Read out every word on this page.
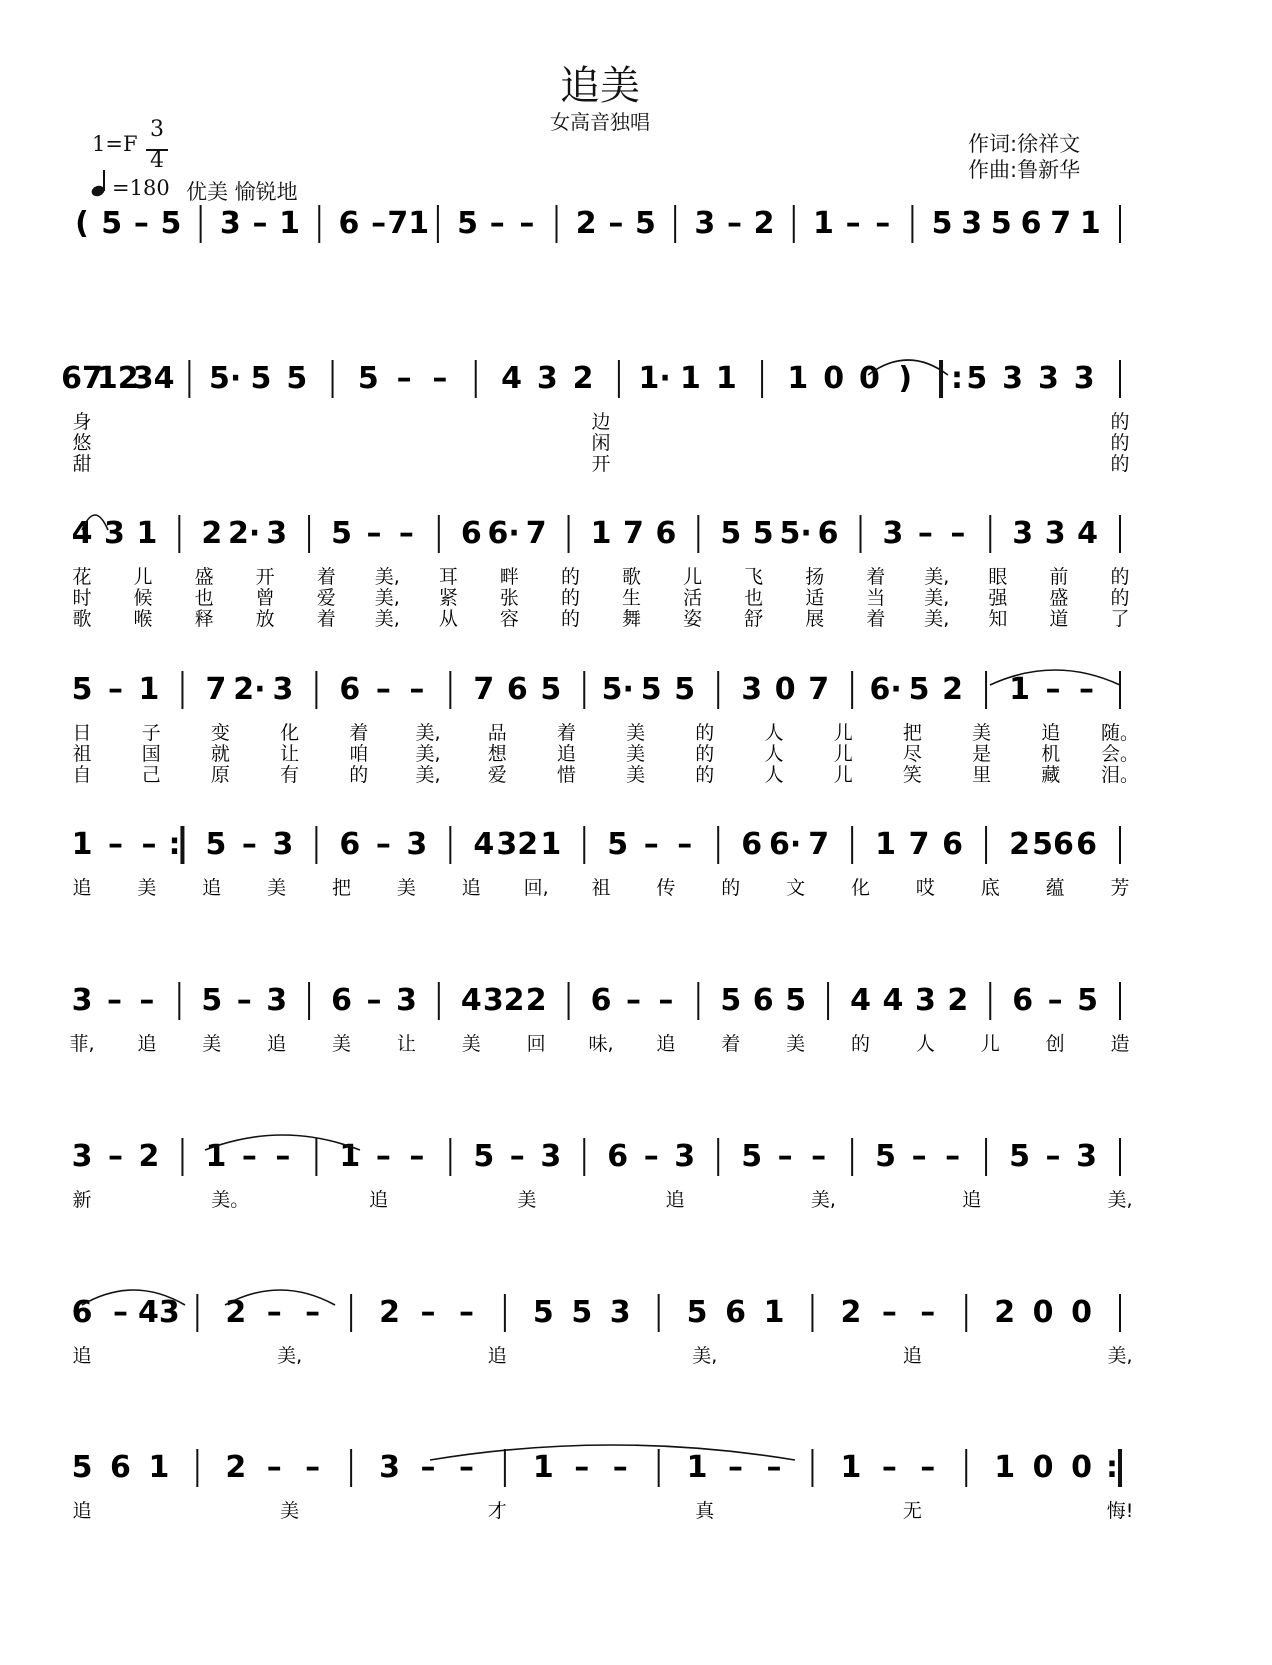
追美
女高音独唱
作词:徐祥文
作曲:鲁新华
1=F
3
4
=180 优美 愉锐地
( 5 – 5 3 – 1 6 – 71 5 – – 2 – 5 3 – 2 1 – – 5 3 5 6 7 1
67
12
34 5· 5 5 5 – – 4 3 2 1· 1 1 1 0 0 ) : 5 3 3 3
身	边	的
悠	闲	的
甜	开	的
4 3 1 2 2· 3 5 – – 6 6· 7 1 7 6 5 5 5· 6 3 – – 3 3 4
花 儿 盛 开 着 美, 耳 畔 的 歌 儿 飞 扬 着 美, 眼 前 的
时 候 也 曾 爱 美, 紧 张 的 生 活 也 适 当 美, 强 盛 的
歌 喉 释 放 着 美, 从 容 的 舞 姿 舒 展 着 美, 知 道 了
5 – 1 7 2· 3 6 – – 7 6 5 5· 5 5 3 0 7 6· 5 2 1 – –
日	子	变	化	着 美, 品	着	美	的	人	儿	把	美	追 随。
祖	国	就	让	咱 美, 想	追	美	的	人	儿	尽	是	机 会。
自	己	原	有	的 美, 爱	惜	美	的	人	儿	笑	里	藏 泪。
1 – – : 5 – 3 6 – 3 4 32 1 5 – – 6 6· 7 1 7 6 2 56 6
追 美 追 美 把 美 追 回, 祖 传 的 文 化 哎 底 蕴 芳
3 – – 5 – 3 6 – 3 4 32 2 6 – – 5 6 5 4 4 3 2 6 – 5
菲, 追 美 追 美 让 美 回 味, 追 着 美 的 人 儿 创 造
3 – 2 1 – – 1 – – 5 – 3 6 – 3 5 – – 5 – – 5 – 3
新	美。	追	美	追	美,	追	美,
6 – 43 2 – – 2 – – 5 5 3 5 6 1 2 – – 2 0 0
追	美,	追	美,	追	美,
5 6 1 2 – – 3 – – 1 – – 1 – – 1 – – 1 0 0 :
追	美	才	真	无	悔!
